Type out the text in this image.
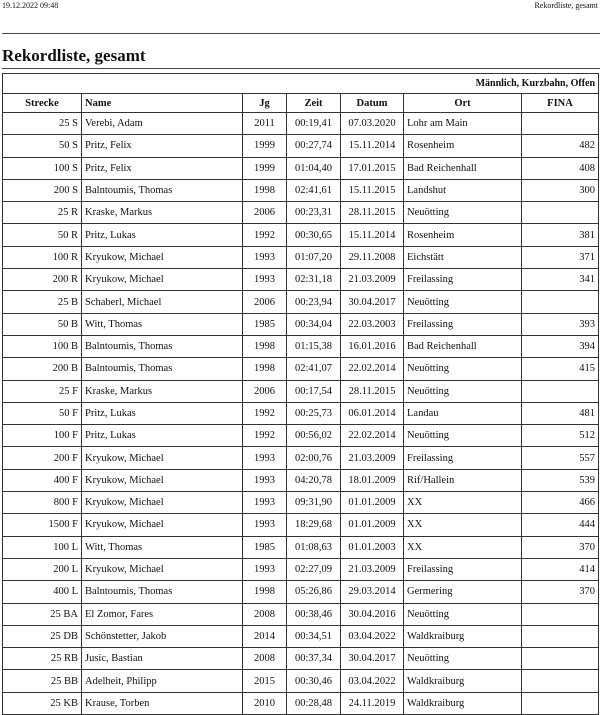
19.12.2022 09:48	Rekordliste, gesamt
Rekordliste, gesamt
Männlich, Kurzbahn, Offen						
Strecke	Name	Jg	Zeit	Datum	Ort	FINA
25 S	Verebi, Adam	2011	00:19,41	07.03.2020	Lohr am Main	
50 S	Pritz, Felix	1999	00:27,74	15.11.2014	Rosenheim	482
100 S	Pritz, Felix	1999	01:04,40	17.01.2015	Bad Reichenhall	408
200 S	Balntoumis, Thomas	1998	02:41,61	15.11.2015	Landshut	300
25 R	Kraske, Markus	2006	00:23,31	28.11.2015	Neuötting	
50 R	Pritz, Lukas	1992	00:30,65	15.11.2014	Rosenheim	381
100 R	Kryukow, Michael	1993	01:07,20	29.11.2008	Eichstätt	371
200 R	Kryukow, Michael	1993	02:31,18	21.03.2009	Freilassing	341
25 B	Schaberl, Michael	2006	00:23,94	30.04.2017	Neuötting	
50 B	Witt, Thomas	1985	00:34,04	22.03.2003	Freilassing	393
100 B	Balntoumis, Thomas	1998	01:15,38	16.01.2016	Bad Reichenhall	394
200 B	Balntoumis, Thomas	1998	02:41,07	22.02.2014	Neuötting	415
25 F	Kraske, Markus	2006	00:17,54	28.11.2015	Neuötting	
50 F	Pritz, Lukas	1992	00:25,73	06.01.2014	Landau	481
100 F	Pritz, Lukas	1992	00:56,02	22.02.2014	Neuötting	512
200 F	Kryukow, Michael	1993	02:00,76	21.03.2009	Freilassing	557
400 F	Kryukow, Michael	1993	04:20,78	18.01.2009	Rif/Hallein	539
800 F	Kryukow, Michael	1993	09:31,90	01.01.2009	XX	466
1500 F	Kryukow, Michael	1993	18:29,68	01.01.2009	XX	444
100 L	Witt, Thomas	1985	01:08,63	01.01.2003	XX	370
200 L	Kryukow, Michael	1993	02:27,09	21.03.2009	Freilassing	414
400 L	Balntoumis, Thomas	1998	05:26,86	29.03.2014	Germering	370
25 BA	El Zomor, Fares	2008	00:38,46	30.04.2016	Neuötting	
25 DB	Schönstetter, Jakob	2014	00:34,51	03.04.2022	Waldkraiburg	
25 RB	Jusic, Bastian	2008	00:37,34	30.04.2017	Neuötting	
25 BB	Adelheit, Philipp	2015	00:30,46	03.04.2022	Waldkraiburg	
25 KB	Krause, Torben	2010	00:28,48	24.11.2019	Waldkraiburg	
